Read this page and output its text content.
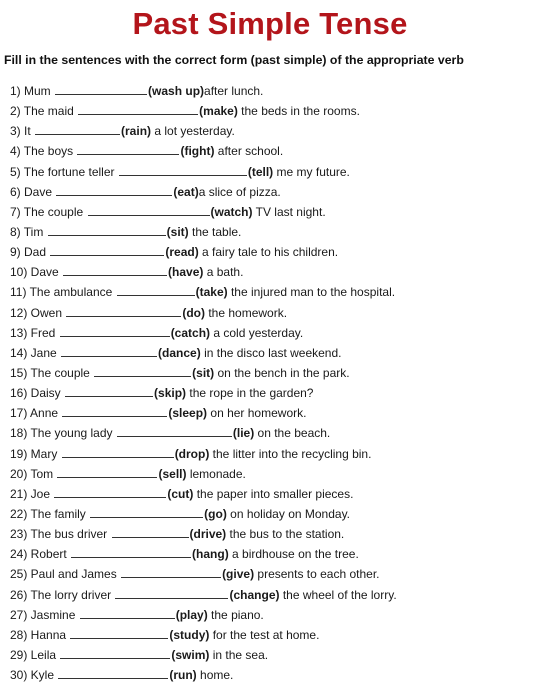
Past Simple Tense
Fill in the sentences with the correct form (past simple) of the appropriate verb
1) Mum	(wash up)after lunch.
2) The maid	(make) the beds in the rooms.
3) It	(rain) a lot yesterday.
4) The boys	(fight) after school.
5) The fortune teller	(tell) me my future.
6) Dave	(eat)a slice of pizza.
7) The couple	(watch) TV last night.
8) Tim	(sit) the table.
9) Dad	(read) a fairy tale to his children.
10) Dave	(have) a bath.
11) The ambulance	(take) the injured man to the hospital.
12) Owen	(do) the homework.
13) Fred	(catch) a cold yesterday.
14) Jane	(dance) in the disco last weekend.
15) The couple	(sit) on the bench in the park.
16) Daisy	(skip) the rope in the garden?
17) Anne	(sleep) on her homework.
18) The young lady	(lie) on the beach.
19) Mary	(drop) the litter into the recycling bin.
20) Tom	(sell) lemonade.
21) Joe	(cut) the paper into smaller pieces.
22) The family	(go) on holiday on Monday.
23) The bus driver	(drive) the bus to the station.
24) Robert	(hang) a birdhouse on the tree.
25) Paul and James	(give) presents to each other.
26) The lorry driver	(change) the wheel of the lorry.
27) Jasmine	(play) the piano.
28) Hanna	(study) for the test at home.
29) Leila	(swim) in the sea.
30) Kyle	(run) home.
